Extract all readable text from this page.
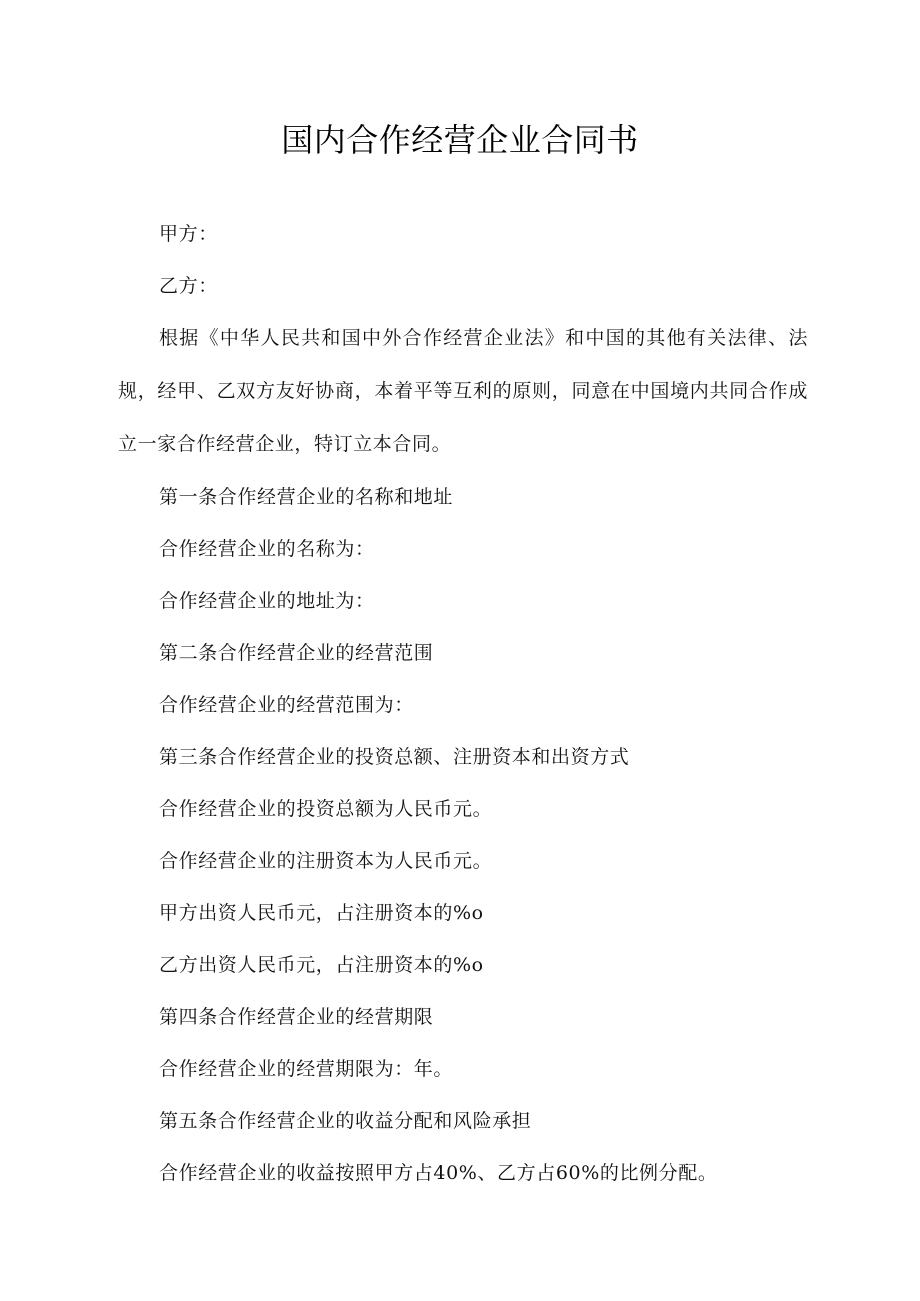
国内合作经营企业合同书

甲方：

乙方：

根据《中华人民共和国中外合作经营企业法》和中国的其他有关法律、法规，经甲、乙双方友好协商，本着平等互利的原则，同意在中国境内共同合作成立一家合作经营企业，特订立本合同。

第一条合作经营企业的名称和地址

合作经营企业的名称为：

合作经营企业的地址为：

第二条合作经营企业的经营范围

合作经营企业的经营范围为：

第三条合作经营企业的投资总额、注册资本和出资方式

合作经营企业的投资总额为人民币元。

合作经营企业的注册资本为人民币元。

甲方出资人民币元，占注册资本的%o

乙方出资人民币元，占注册资本的%o

第四条合作经营企业的经营期限

合作经营企业的经营期限为：年。

第五条合作经营企业的收益分配和风险承担

合作经营企业的收益按照甲方占40%、乙方占60%的比例分配。
